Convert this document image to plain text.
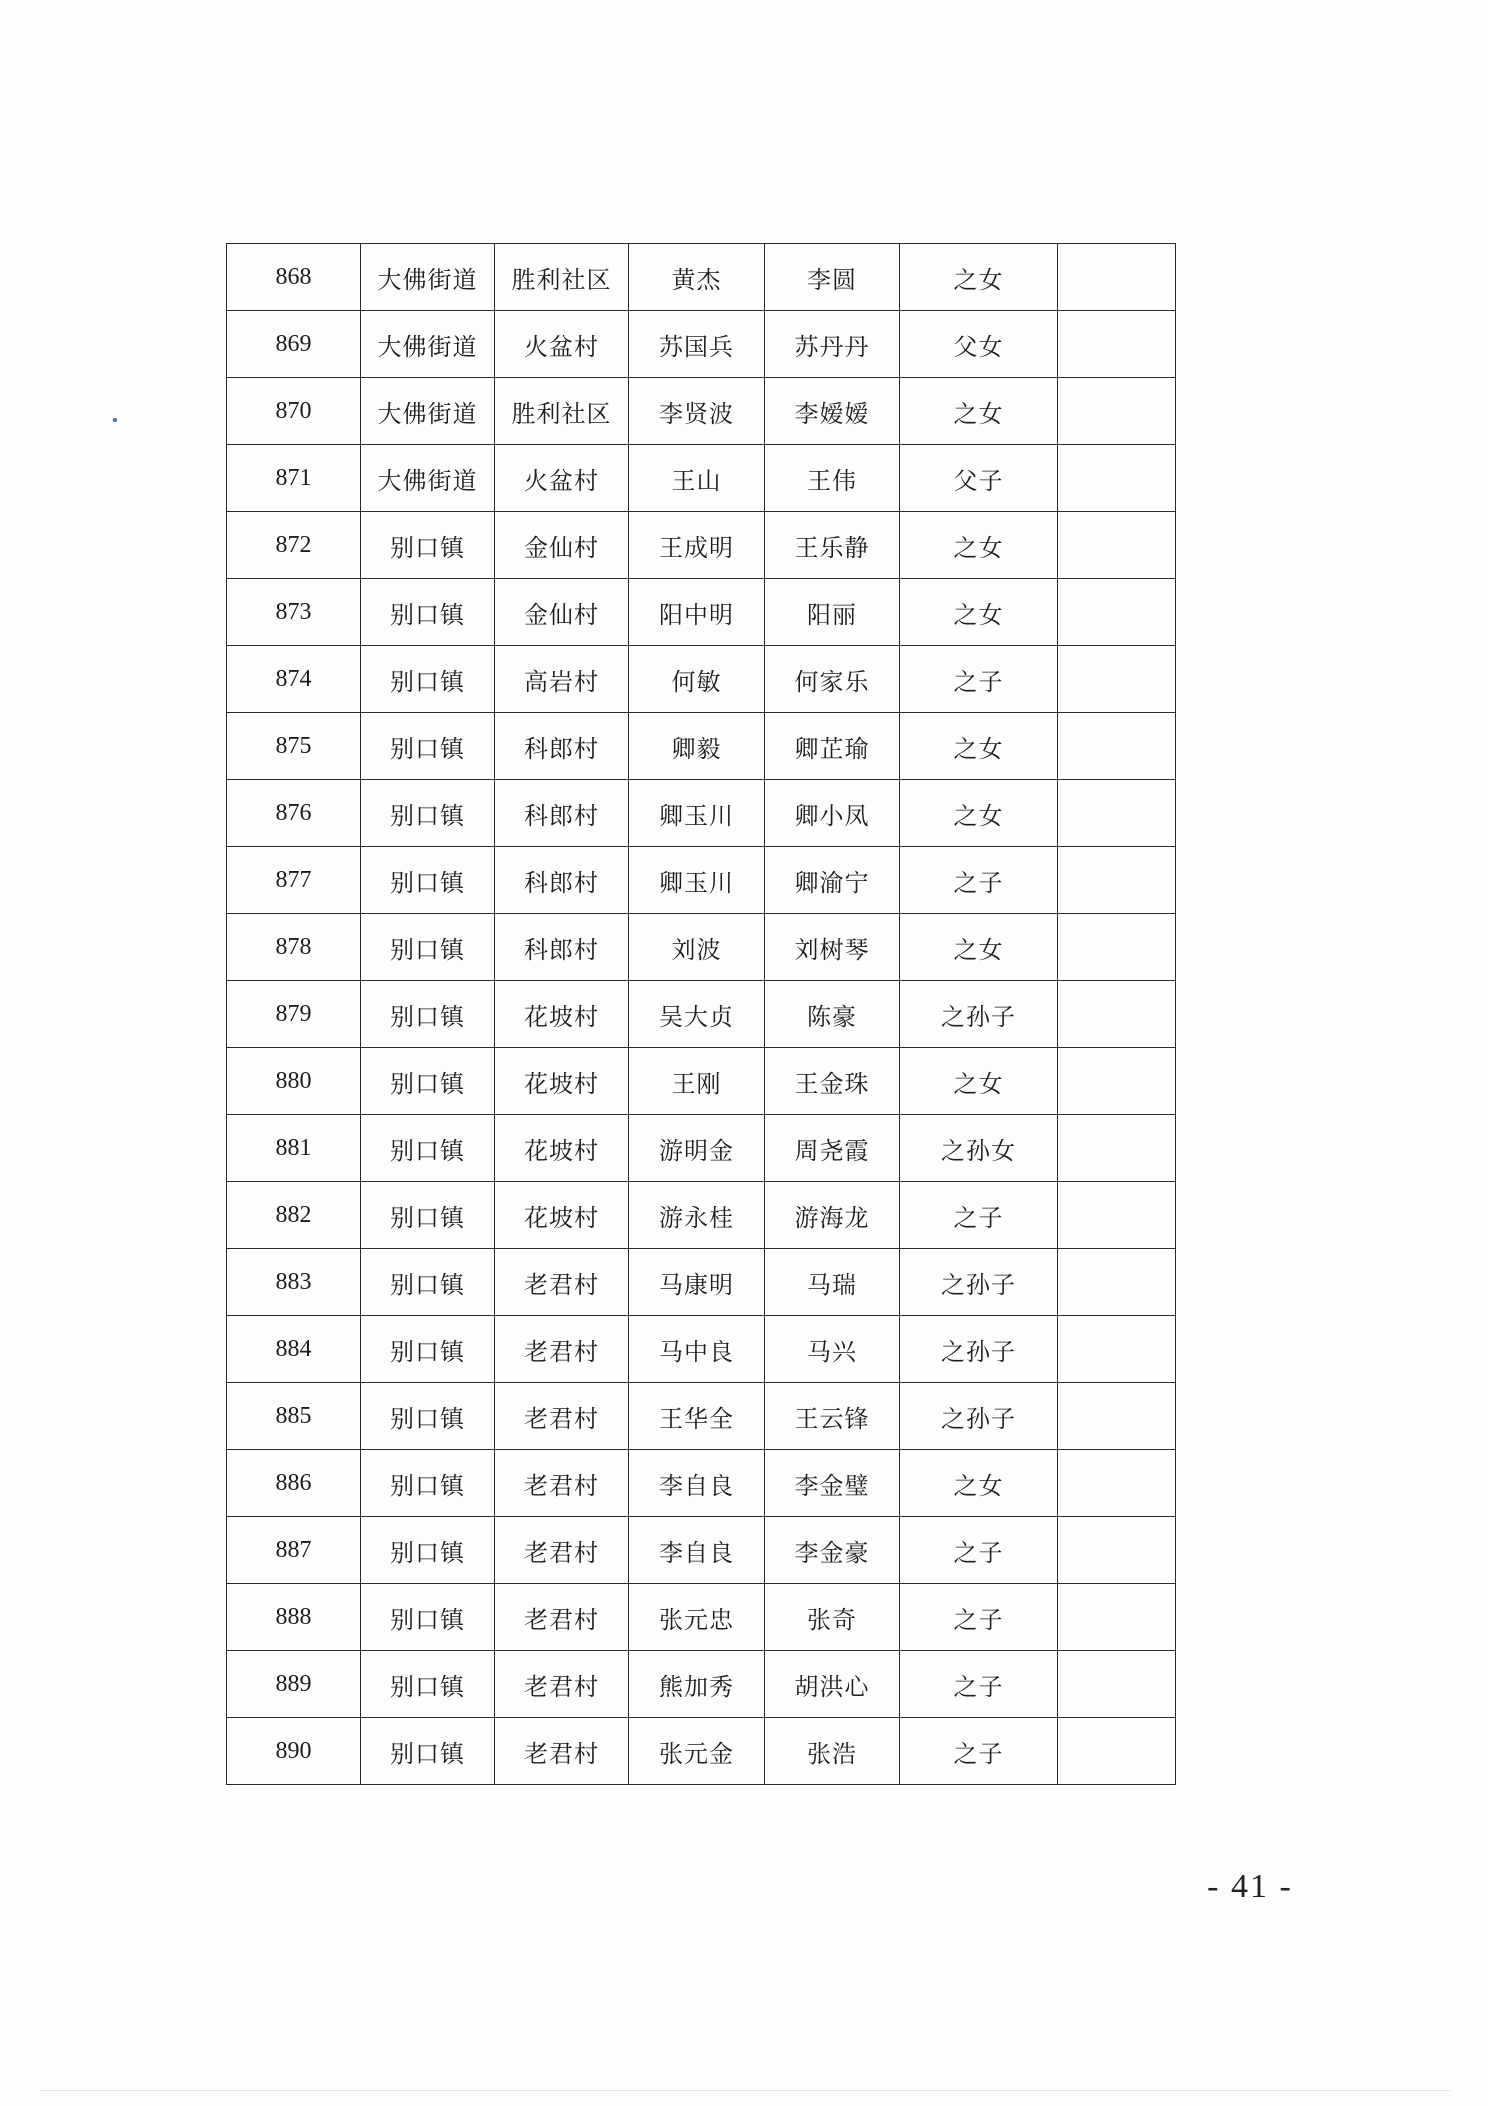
868	大佛街道	胜利社区	黄杰	李圆	之女	
869	大佛街道	火盆村	苏国兵	苏丹丹	父女	
870	大佛街道	胜利社区	李贤波	李嫒嫒	之女	
871	大佛街道	火盆村	王山	王伟	父子	
872	别口镇	金仙村	王成明	王乐静	之女	
873	别口镇	金仙村	阳中明	阳丽	之女	
874	别口镇	高岩村	何敏	何家乐	之子	
875	别口镇	科郎村	卿毅	卿芷瑜	之女	
876	别口镇	科郎村	卿玉川	卿小凤	之女	
877	别口镇	科郎村	卿玉川	卿渝宁	之子	
878	别口镇	科郎村	刘波	刘树琴	之女	
879	别口镇	花坡村	吴大贞	陈豪	之孙子	
880	别口镇	花坡村	王刚	王金珠	之女	
881	别口镇	花坡村	游明金	周尧霞	之孙女	
882	别口镇	花坡村	游永桂	游海龙	之子	
883	别口镇	老君村	马康明	马瑞	之孙子	
884	别口镇	老君村	马中良	马兴	之孙子	
885	别口镇	老君村	王华全	王云锋	之孙子	
886	别口镇	老君村	李自良	李金璧	之女	
887	别口镇	老君村	李自良	李金豪	之子	
888	别口镇	老君村	张元忠	张奇	之子	
889	别口镇	老君村	熊加秀	胡洪心	之子	
890	别口镇	老君村	张元金	张浩	之子	
- 41 -
